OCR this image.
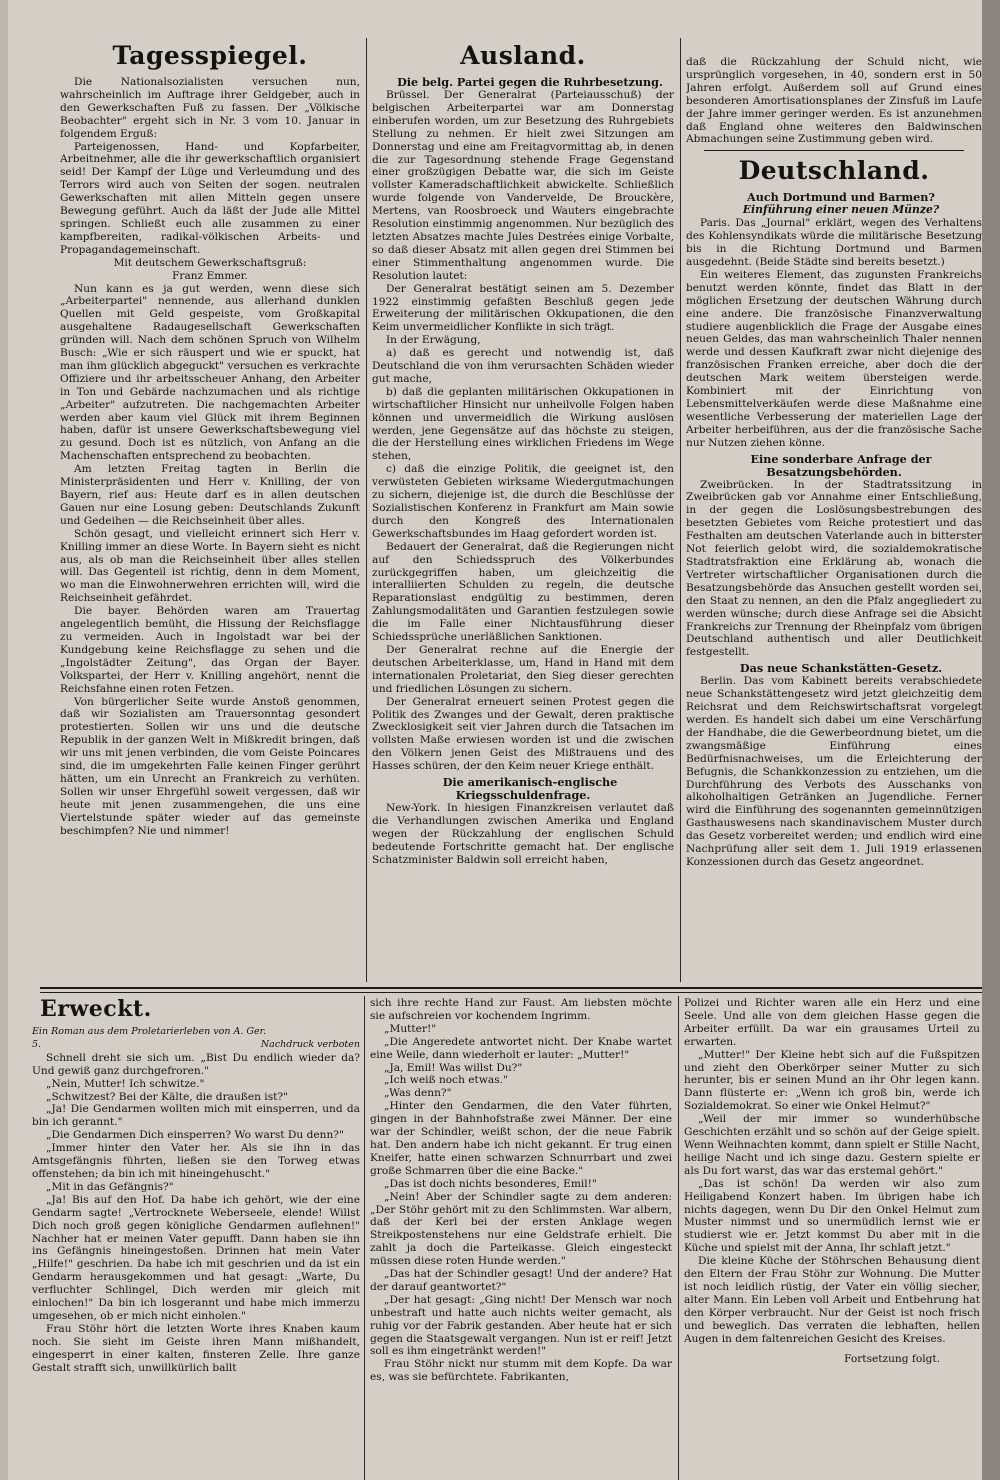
Tagesspiegel.

Die Nationalsozialisten versuchen nun, wahrscheinlich im Auftrage ihrer Geldgeber, auch in den Gewerkschaften Fuß zu fassen. Der „Völkische Beobachter" ergeht sich in Nr. 3 vom 10. Januar in folgendem Erguß:

Parteigenossen, Hand- und Kopfarbeiter, Arbeitnehmer, alle die ihr gewerkschaftlich organisiert seid! Der Kampf der Lüge und Verleumdung und des Terrors wird auch von Seiten der sogen. neutralen Gewerkschaften mit allen Mitteln gegen unsere Bewegung geführt. Auch da läßt der Jude alle Mittel springen. Schließt euch alle zusammen zu einer kampfbereiten, radikal-völkischen Arbeits- und Propagandagemeinschaft.

Mit deutschem Gewerkschaftsgruß:

Franz Emmer.

Nun kann es ja gut werden, wenn diese sich „Arbeiterpartei" nennende, aus allerhand dunklen Quellen mit Geld gespeiste, vom Großkapital ausgehaltene Radaugesellschaft Gewerkschaften gründen will. Nach dem schönen Spruch von Wilhelm Busch: „Wie er sich räuspert und wie er spuckt, hat man ihm glücklich abgeguckt" versuchen es verkrachte Offiziere und ihr arbeitsscheuer Anhang, den Arbeiter in Ton und Gebärde nachzumachen und als richtige „Arbeiter" aufzutreten. Die nachgemachten Arbeiter werden aber kaum viel Glück mit ihrem Beginnen haben, dafür ist unsere Gewerkschaftsbewegung viel zu gesund. Doch ist es nützlich, von Anfang an die Machenschaften entsprechend zu beobachten.

Am letzten Freitag tagten in Berlin die Ministerpräsidenten und Herr v. Knilling, der von Bayern, rief aus: Heute darf es in allen deutschen Gauen nur eine Losung geben: Deutschlands Zukunft und Gedeihen — die Reichseinheit über alles.

Schön gesagt, und vielleicht erinnert sich Herr v. Knilling immer an diese Worte. In Bayern sieht es nicht aus, als ob man die Reichseinheit über alles stellen will. Das Gegenteil ist richtig, denn in dem Moment, wo man die Einwohnerwehren errichten will, wird die Reichseinheit gefährdet.

Die bayer. Behörden waren am Trauertag angelegentlich bemüht, die Hissung der Reichsflagge zu vermeiden. Auch in Ingolstadt war bei der Kundgebung keine Reichsflagge zu sehen und die „Ingolstädter Zeitung", das Organ der Bayer. Volkspartei, der Herr v. Knilling angehört, nennt die Reichsfahne einen roten Fetzen.

Von bürgerlicher Seite wurde Anstoß genommen, daß wir Sozialisten am Trauersonntag gesondert protestierten. Sollen wir uns und die deutsche Republik in der ganzen Welt in Mißkredit bringen, daß wir uns mit jenen verbinden, die vom Geiste Poincares sind, die im umgekehrten Falle keinen Finger gerührt hätten, um ein Unrecht an Frankreich zu verhüten. Sollen wir unser Ehrgefühl soweit vergessen, daß wir heute mit jenen zusammengehen, die uns eine Viertelstunde später wieder auf das gemeinste beschimpfen? Nie und nimmer!

Ausland.

Die belg. Partei gegen die Ruhrbesetzung.

Brüssel. Der Generalrat (Parteiausschuß) der belgischen Arbeiterpartei war am Donnerstag einberufen worden, um zur Besetzung des Ruhrgebiets Stellung zu nehmen. Er hielt zwei Sitzungen am Donnerstag und eine am Freitagvormittag ab, in denen die zur Tagesordnung stehende Frage Gegenstand einer großzügigen Debatte war, die sich im Geiste vollster Kameradschaftlichkeit abwickelte. Schließlich wurde folgende von Vandervelde, De Brouckère, Mertens, van Roosbroeck und Wauters eingebrachte Resolution einstimmig angenommen. Nur bezüglich des letzten Absatzes machte Jules Destrées einige Vorbalte, so daß dieser Absatz mit allen gegen drei Stimmen bei einer Stimmenthaltung angenommen wurde. Die Resolution lautet:

Der Generalrat bestätigt seinen am 5. Dezember 1922 einstimmig gefaßten Beschluß gegen jede Erweiterung der militärischen Okkupationen, die den Keim unvermeidlicher Konflikte in sich trägt.

In der Erwägung,

a) daß es gerecht und notwendig ist, daß Deutschland die von ihm verursachten Schäden wieder gut mache,

b) daß die geplanten militärischen Okkupationen in wirtschaftlicher Hinsicht nur unheilvolle Folgen haben können und unvermeidlich die Wirkung auslösen werden, jene Gegensätze auf das höchste zu steigen, die der Herstellung eines wirklichen Friedens im Wege stehen,

c) daß die einzige Politik, die geeignet ist, den verwüsteten Gebieten wirksame Wiedergutmachungen zu sichern, diejenige ist, die durch die Beschlüsse der Sozialistischen Konferenz in Frankfurt am Main sowie durch den Kongreß des Internationalen Gewerkschaftsbundes im Haag gefordert worden ist.

Bedauert der Generalrat, daß die Regierungen nicht auf den Schiedsspruch des Völkerbundes zurückgegriffen haben, um gleichzeitig die interalliierten Schulden zu regeln, die deutsche Reparationslast endgültig zu bestimmen, deren Zahlungsmodalitäten und Garantien festzulegen sowie die im Falle einer Nichtausführung dieser Schiedssprüche unerläßlichen Sanktionen.

Der Generalrat rechne auf die Energie der deutschen Arbeiterklasse, um, Hand in Hand mit dem internationalen Proletariat, den Sieg dieser gerechten und friedlichen Lösungen zu sichern.

Der Generalrat erneuert seinen Protest gegen die Politik des Zwanges und der Gewalt, deren praktische Zwecklosigkeit seit vier Jahren durch die Tatsachen im vollsten Maße erwiesen worden ist und die zwischen den Völkern jenen Geist des Mißtrauens und des Hasses schüren, der den Keim neuer Kriege enthält.

Die amerikanisch-englische Kriegsschuldenfrage.

New-York. In hiesigen Finanzkreisen verlautet daß die Verhandlungen zwischen Amerika und England wegen der Rückzahlung der englischen Schuld bedeutende Fortschritte gemacht hat. Der englische Schatzminister Baldwin soll erreicht haben,

daß die Rückzahlung der Schuld nicht, wie ursprünglich vorgesehen, in 40, sondern erst in 50 Jahren erfolgt. Außerdem soll auf Grund eines besonderen Amortisationsplanes der Zinsfuß im Laufe der Jahre immer geringer werden. Es ist anzunehmen daß England ohne weiteres den Baldwinschen Abmachungen seine Zustimmung geben wird.

Deutschland.

Auch Dortmund und Barmen?

Einführung einer neuen Münze?

Paris. Das „Journal" erklärt, wegen des Verhaltens des Kohlensyndikats würde die militärische Besetzung bis in die Richtung Dortmund und Barmen ausgedehnt. (Beide Städte sind bereits besetzt.)

Ein weiteres Element, das zugunsten Frankreichs benutzt werden könnte, findet das Blatt in der möglichen Ersetzung der deutschen Währung durch eine andere. Die französische Finanzverwaltung studiere augenblicklich die Frage der Ausgabe eines neuen Geldes, das man wahrscheinlich Thaler nennen werde und dessen Kaufkraft zwar nicht diejenige des französischen Franken erreiche, aber doch die der deutschen Mark weitem übersteigen werde. Kombiniert mit der Einrichtung von Lebensmittelverkäufen werde diese Maßnahme eine wesentliche Verbesserung der materiellen Lage der Arbeiter herbeiführen, aus der die französische Sache nur Nutzen ziehen könne.

Eine sonderbare Anfrage der Besatzungsbehörden.

Zweibrücken. In der Stadtratssitzung in Zweibrücken gab vor Annahme einer Entschließung, in der gegen die Loslösungsbestrebungen des besetzten Gebietes vom Reiche protestiert und das Festhalten am deutschen Vaterlande auch in bitterster Not feierlich gelobt wird, die sozialdemokratische Stadtratsfraktion eine Erklärung ab, wonach die Vertreter wirtschaftlicher Organisationen durch die Besatzungsbehörde das Ansuchen gestellt worden sei, den Staat zu nennen, an den die Pfalz angegliedert zu werden wünsche; durch diese Anfrage sei die Absicht Frankreichs zur Trennung der Rheinpfalz vom übrigen Deutschland authentisch und aller Deutlichkeit festgestellt.

Das neue Schankstätten-Gesetz.

Berlin. Das vom Kabinett bereits verabschiedete neue Schankstättengesetz wird jetzt gleichzeitig dem Reichsrat und dem Reichswirtschaftsrat vorgelegt werden. Es handelt sich dabei um eine Verschärfung der Handhabe, die die Gewerbeordnung bietet, um die zwangsmäßige Einführung eines Bedürfnisnachweises, um die Erleichterung der Befugnis, die Schankkonzession zu entziehen, um die Durchführung des Verbots des Ausschanks von alkoholhaltigen Getränken an Jugendliche. Ferner wird die Einführung des sogenannten gemeinnützigen Gasthauswesens nach skandinavischem Muster durch das Gesetz vorbereitet werden; und endlich wird eine Nachprüfung aller seit dem 1. Juli 1919 erlassenen Konzessionen durch das Gesetz angeordnet.

Erweckt.

Ein Roman aus dem Proletarierleben von A. Ger.

5.	Nachdruck verboten

Schnell dreht sie sich um. „Bist Du endlich wieder da? Und gewiß ganz durchgefroren."

„Nein, Mutter! Ich schwitze."

„Schwitzest? Bei der Kälte, die draußen ist?"

„Ja! Die Gendarmen wollten mich mit einsperren, und da bin ich gerannt."

„Die Gendarmen Dich einsperren? Wo warst Du denn?"

„Immer hinter den Vater her. Als sie ihn in das Amtsgefängnis führten, ließen sie den Torweg etwas offenstehen; da bin ich mit hineingehuscht."

„Mit in das Gefängnis?"

„Ja! Bis auf den Hof. Da habe ich gehört, wie der eine Gendarm sagte! „Vertrocknete Weberseele, elende! Willst Dich noch groß gegen königliche Gendarmen auflehnen!" Nachher hat er meinen Vater gepufft. Dann haben sie ihn ins Gefängnis hineingestoßen. Drinnen hat mein Vater „Hilfe!" geschrien. Da habe ich mit geschrien und da ist ein Gendarm herausgekommen und hat gesagt: „Warte, Du verfluchter Schlingel, Dich werden mir gleich mit einlochen!" Da bin ich losgerannt und habe mich immerzu umgesehen, ob er mich nicht einholen."

Frau Stöhr hört die letzten Worte ihres Knaben kaum noch. Sie sieht im Geiste ihren Mann mißhandelt, eingesperrt in einer kalten, finsteren Zelle. Ihre ganze Gestalt strafft sich, unwillkürlich ballt

sich ihre rechte Hand zur Faust. Am liebsten möchte sie aufschreien vor kochendem Ingrimm.

„Mutter!"

„Die Angeredete antwortet nicht. Der Knabe wartet eine Weile, dann wiederholt er lauter: „Mutter!"

„Ja, Emil! Was willst Du?"

„Ich weiß noch etwas."

„Was denn?"

„Hinter den Gendarmen, die den Vater führten, gingen in der Bahnhofstraße zwei Männer. Der eine war der Schindler, weißt schon, der die neue Fabrik hat. Den andern habe ich nicht gekannt. Er trug einen Kneifer, hatte einen schwarzen Schnurrbart und zwei große Schmarren über die eine Backe."

„Das ist doch nichts besonderes, Emil!"

„Nein! Aber der Schindler sagte zu dem anderen: „Der Stöhr gehört mit zu den Schlimmsten. War albern, daß der Kerl bei der ersten Anklage wegen Streikpostenstehens nur eine Geldstrafe erhielt. Die zahlt ja doch die Parteikasse. Gleich eingesteckt müssen diese roten Hunde werden."

„Das hat der Schindler gesagt! Und der andere? Hat der darauf geantwortet?"

„Der hat gesagt: „Ging nicht! Der Mensch war noch unbestraft und hatte auch nichts weiter gemacht, als ruhig vor der Fabrik gestanden. Aber heute hat er sich gegen die Staatsgewalt vergangen. Nun ist er reif! Jetzt soll es ihm eingetränkt werden!"

Frau Stöhr nickt nur stumm mit dem Kopfe. Da war es, was sie befürchtete. Fabrikanten,

Polizei und Richter waren alle ein Herz und eine Seele. Und alle von dem gleichen Hasse gegen die Arbeiter erfüllt. Da war ein grausames Urteil zu erwarten.

„Mutter!" Der Kleine hebt sich auf die Fußspitzen und zieht den Oberkörper seiner Mutter zu sich herunter, bis er seinen Mund an ihr Ohr legen kann. Dann flüsterte er: „Wenn ich groß bin, werde ich Sozialdemokrat. So einer wie Onkel Helmut?"

„Weil der mir immer so wunderhübsche Geschichten erzählt und so schön auf der Geige spielt. Wenn Weihnachten kommt, dann spielt er Stille Nacht, heilige Nacht und ich singe dazu. Gestern spielte er als Du fort warst, das war das erstemal gehört."

„Das ist schön! Da werden wir also zum Heiligabend Konzert haben. Im übrigen habe ich nichts dagegen, wenn Du Dir den Onkel Helmut zum Muster nimmst und so unermüdlich lernst wie er studierst wie er. Jetzt kommst Du aber mit in die Küche und spielst mit der Anna, Ihr schlaft jetzt."

Die kleine Küche der Stöhrschen Behausung dient den Eltern der Frau Stöhr zur Wohnung. Die Mutter ist noch leidlich rüstig, der Vater ein völlig siecher, alter Mann. Ein Leben voll Arbeit und Entbehrung hat den Körper verbraucht. Nur der Geist ist noch frisch und beweglich. Das verraten die lebhaften, hellen Augen in dem faltenreichen Gesicht des Kreises.

Fortsetzung folgt.
